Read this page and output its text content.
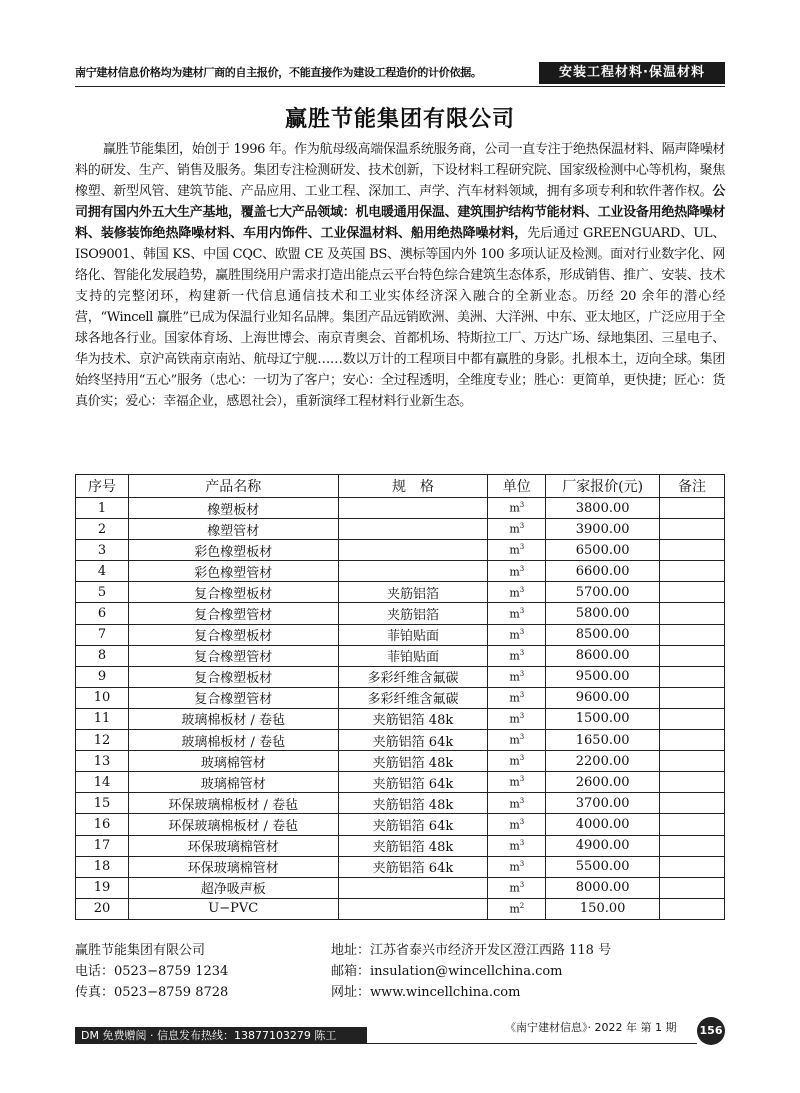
南宁建材信息价格均为建材厂商的自主报价，不能直接作为建设工程造价的计价依据。	安装工程材料·保温材料
赢胜节能集团有限公司

赢胜节能集团，始创于 1996 年。作为航母级高端保温系统服务商，公司一直专注于绝热保温材料、隔声降噪材料的研发、生产、销售及服务。集团专注检测研发、技术创新，下设材料工程研究院、国家级检测中心等机构，聚焦橡塑、新型风管、建筑节能、产品应用、工业工程、深加工、声学、汽车材料领域，拥有多项专利和软件著作权。公司拥有国内外五大生产基地，覆盖七大产品领域：机电暖通用保温、建筑围护结构节能材料、工业设备用绝热降噪材料、装修装饰绝热降噪材料、车用内饰件、工业保温材料、船用绝热降噪材料，先后通过 GREENGUARD、UL、ISO9001、韩国 KS、中国 CQC、欧盟 CE 及英国 BS、澳标等国内外 100 多项认证及检测。面对行业数字化、网络化、智能化发展趋势，赢胜围绕用户需求打造出能点云平台特色综合建筑生态体系，形成销售、推广、安装、技术支持的完整闭环，构建新一代信息通信技术和工业实体经济深入融合的全新业态。历经 20 余年的潜心经营，“Wincell 赢胜”已成为保温行业知名品牌。集团产品远销欧洲、美洲、大洋洲、中东、亚太地区，广泛应用于全球各地各行业。国家体育场、上海世博会、南京青奥会、首都机场、特斯拉工厂、万达广场、绿地集团、三星电子、华为技术、京沪高铁南京南站、航母辽宁舰……数以万计的工程项目中都有赢胜的身影。扎根本土，迈向全球。集团始终坚持用“五心”服务（忠心：一切为了客户；安心：全过程透明，全维度专业；胜心：更简单，更快捷；匠心：货真价实；爱心：幸福企业，感恩社会），重新演绎工程材料行业新生态。

序号	产品名称	规　格	单位	厂家报价(元)	备注
1	橡塑板材		$m^3$	3800.00	
2	橡塑管材		$m^3$	3900.00	
3	彩色橡塑板材		$m^3$	6500.00	
4	彩色橡塑管材		$m^3$	6600.00	
5	复合橡塑板材	夹筋铝箔	$m^3$	5700.00	
6	复合橡塑管材	夹筋铝箔	$m^3$	5800.00	
7	复合橡塑板材	菲铂贴面	$m^3$	8500.00	
8	复合橡塑管材	菲铂贴面	$m^3$	8600.00	
9	复合橡塑板材	多彩纤维含氟碳	$m^3$	9500.00	
10	复合橡塑管材	多彩纤维含氟碳	$m^3$	9600.00	
11	玻璃棉板材 / 卷毡	夹筋铝箔 48k	$m^3$	1500.00	
12	玻璃棉板材 / 卷毡	夹筋铝箔 64k	$m^3$	1650.00	
13	玻璃棉管材	夹筋铝箔 48k	$m^3$	2200.00	
14	玻璃棉管材	夹筋铝箔 64k	$m^3$	2600.00	
15	环保玻璃棉板材 / 卷毡	夹筋铝箔 48k	$m^3$	3700.00	
16	环保玻璃棉板材 / 卷毡	夹筋铝箔 64k	$m^3$	4000.00	
17	环保玻璃棉管材	夹筋铝箔 48k	$m^3$	4900.00	
18	环保玻璃棉管材	夹筋铝箔 64k	$m^3$	5500.00	
19	超净吸声板		$m^3$	8000.00	
20	U−PVC		$m^2$	150.00	
赢胜节能集团有限公司
电话：0523−8759 1234
传真：0523−8759 8728
地址：江苏省泰兴市经济开发区澄江西路 118 号
邮箱：insulation@wincellchina.com
网址：www.wincellchina.com
DM 免费赠阅 · 信息发布热线：13877103279 陈工
《南宁建材信息》· 2022 年 第 1 期	156
